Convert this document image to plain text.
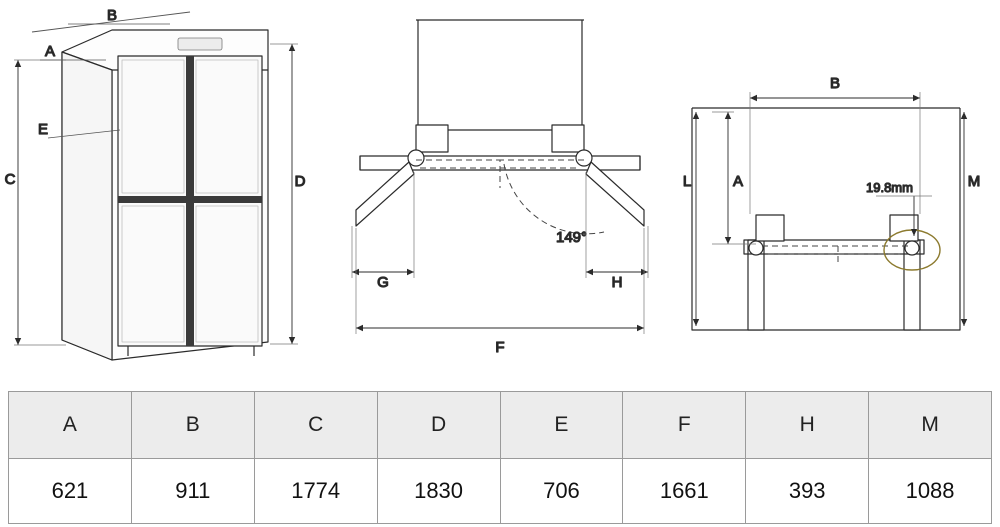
C	D
B
A
E
149°
G	H
F
19.8mm
B
L	A	M
A	B	C	D	E	F	H	M
621	911	1774	1830	706	1661	393	1088
